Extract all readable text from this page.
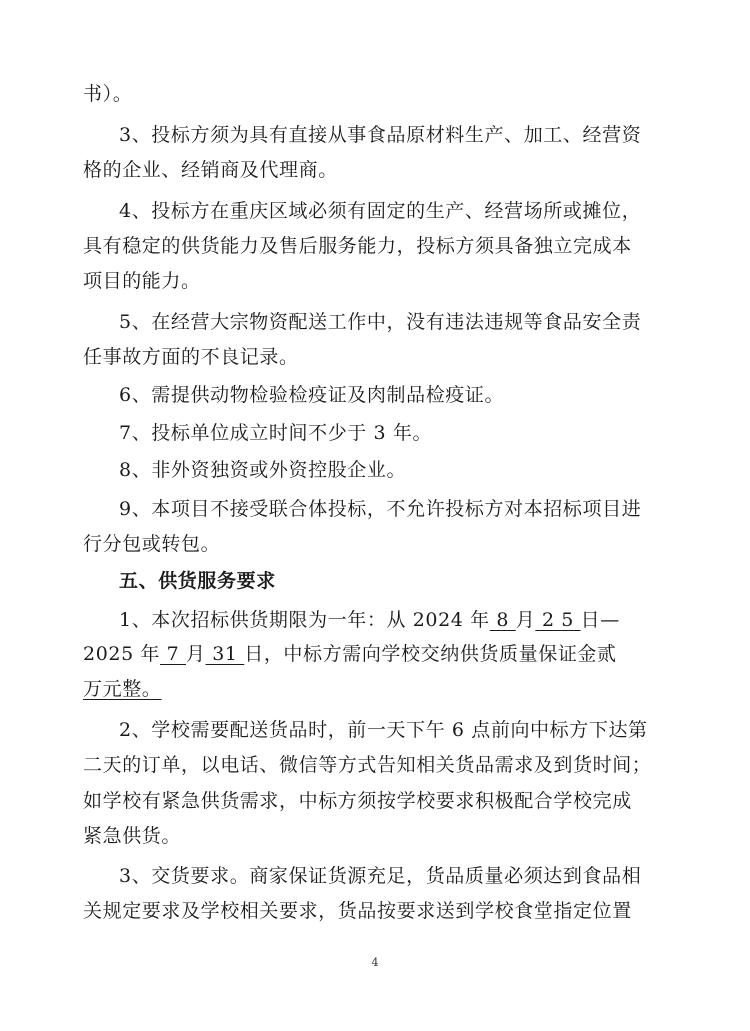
书）。
3、投标方须为具有直接从事食品原材料生产、加工、经营资
格的企业、经销商及代理商。
4、投标方在重庆区域必须有固定的生产、经营场所或摊位，
具有稳定的供货能力及售后服务能力，投标方须具备独立完成本
项目的能力。
5、在经营大宗物资配送工作中，没有违法违规等食品安全责
任事故方面的不良记录。
6、需提供动物检验检疫证及肉制品检疫证。
7、投标单位成立时间不少于 3 年。
8、非外资独资或外资控股企业。
9、本项目不接受联合体投标，不允许投标方对本招标项目进
行分包或转包。
五、供货服务要求
1、本次招标供货期限为一年：从 2024 年 8 月 2 5 日—
2025 年 7 月 31 日，中标方需向学校交纳供货质量保证金贰
万元整。
2、学校需要配送货品时，前一天下午 6 点前向中标方下达第
二天的订单，以电话、微信等方式告知相关货品需求及到货时间；
如学校有紧急供货需求，中标方须按学校要求积极配合学校完成
紧急供货。
3、交货要求。商家保证货源充足，货品质量必须达到食品相
关规定要求及学校相关要求，货品按要求送到学校食堂指定位置
4
